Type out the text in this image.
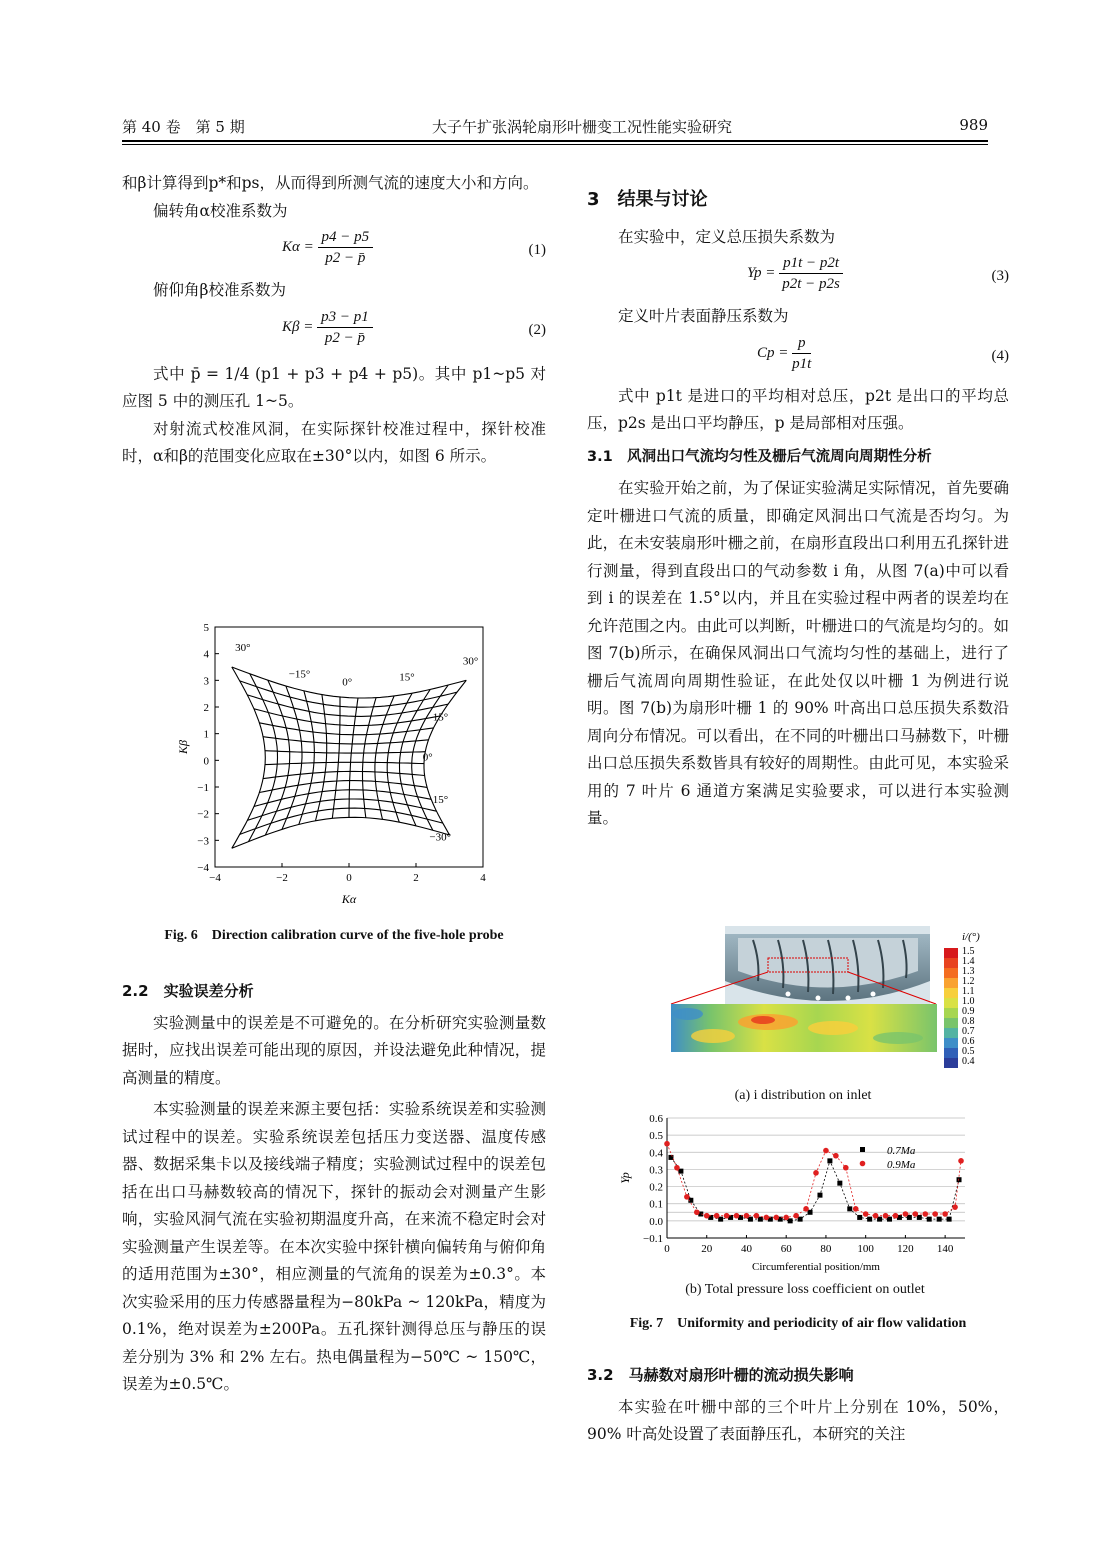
第 40 卷　第 5 期	大子午扩张涡轮扇形叶栅变工况性能实验研究	989

和β计算得到p*和ps，从而得到所测气流的速度大小和方向。

偏转角α校准系数为

$K\alpha = \frac{p4 - p5}{p2 - p̄}$	(1)

俯仰角β校准系数为

$K\beta = \frac{p3 - p1}{p2 - p̄}$	(2)

式中 p̄ = 1/4 (p1 + p3 + p4 + p5)。其中 p1~p5 对应图 5 中的测压孔 1~5。

对射流式校准风洞，在实际探针校准过程中，探针校准时，α和β的范围变化应取在±30°以内，如图 6 所示。

−4	−2	0	2	4
5
4
3
2
1
0
−1
−2
−3
−4
Kα
Kβ
30°
−15°
0°	15°
30°
15°
0°
15°
−30°
Fig. 6　Direction calibration curve of the five-hole probe
2.2　实验误差分析

实验测量中的误差是不可避免的。在分析研究实验测量数据时，应找出误差可能出现的原因，并设法避免此种情况，提高测量的精度。

本实验测量的误差来源主要包括：实验系统误差和实验测试过程中的误差。实验系统误差包括压力变送器、温度传感器、数据采集卡以及接线端子精度；实验测试过程中的误差包括在出口马赫数较高的情况下，探针的振动会对测量产生影响，实验风洞气流在实验初期温度升高，在来流不稳定时会对实验测量产生误差等。在本次实验中探针横向偏转角与俯仰角的适用范围为±30°，相应测量的气流角的误差为±0.3°。本次实验采用的压力传感器量程为−80kPa ~ 120kPa，精度为 0.1%，绝对误差为±200Pa。五孔探针测得总压与静压的误差分别为 3% 和 2% 左右。热电偶量程为−50℃ ~ 150℃，误差为±0.5℃。

3　结果与讨论

在实验中，定义总压损失系数为

$Yp = \frac{p1t - p2t}{p2t - p2s}$	(3)

定义叶片表面静压系数为

$Cp = \frac{p}{p1t}$	(4)

式中 p1t 是进口的平均相对总压，p2t 是出口的平均总压，p2s 是出口平均静压，p 是局部相对压强。

3.1　风洞出口气流均匀性及栅后气流周向周期性分析

在实验开始之前，为了保证实验满足实际情况，首先要确定叶栅进口气流的质量，即确定风洞出口气流是否均匀。为此，在未安装扇形叶栅之前，在扇形直段出口利用五孔探针进行测量，得到直段出口的气动参数 i 角，从图 7(a)中可以看到 i 的误差在 1.5°以内，并且在实验过程中两者的误差均在允许范围之内。由此可以判断，叶栅进口的气流是均匀的。如图 7(b)所示，在确保风洞出口气流均匀性的基础上，进行了栅后气流周向周期性验证，在此处仅以叶栅 1 为例进行说明。图 7(b)为扇形叶栅 1 的 90% 叶高出口总压损失系数沿周向分布情况。可以看出，在不同的叶栅出口马赫数下，叶栅出口总压损失系数皆具有较好的周期性。由此可见，本实验采用的 7 叶片 6 通道方案满足实验要求，可以进行本实验测量。

i/(°)
1.5
1.4
1.3
1.2
1.1
1.0
0.9
0.8
0.7
0.6
0.5
0.4
(a) i distribution on inlet
0.6
0.5
0.4
0.3
0.2
0.1
0.0
−0.1
0	20	40	60	80 100 120 140
Circumferential position/mm
Yp
0.7Ma
0.9Ma
(b) Total pressure loss coefficient on outlet
Fig. 7　Uniformity and periodicity of air flow validation
3.2　马赫数对扇形叶栅的流动损失影响

本实验在叶栅中部的三个叶片上分别在 10%，50%，90% 叶高处设置了表面静压孔，本研究的关注
